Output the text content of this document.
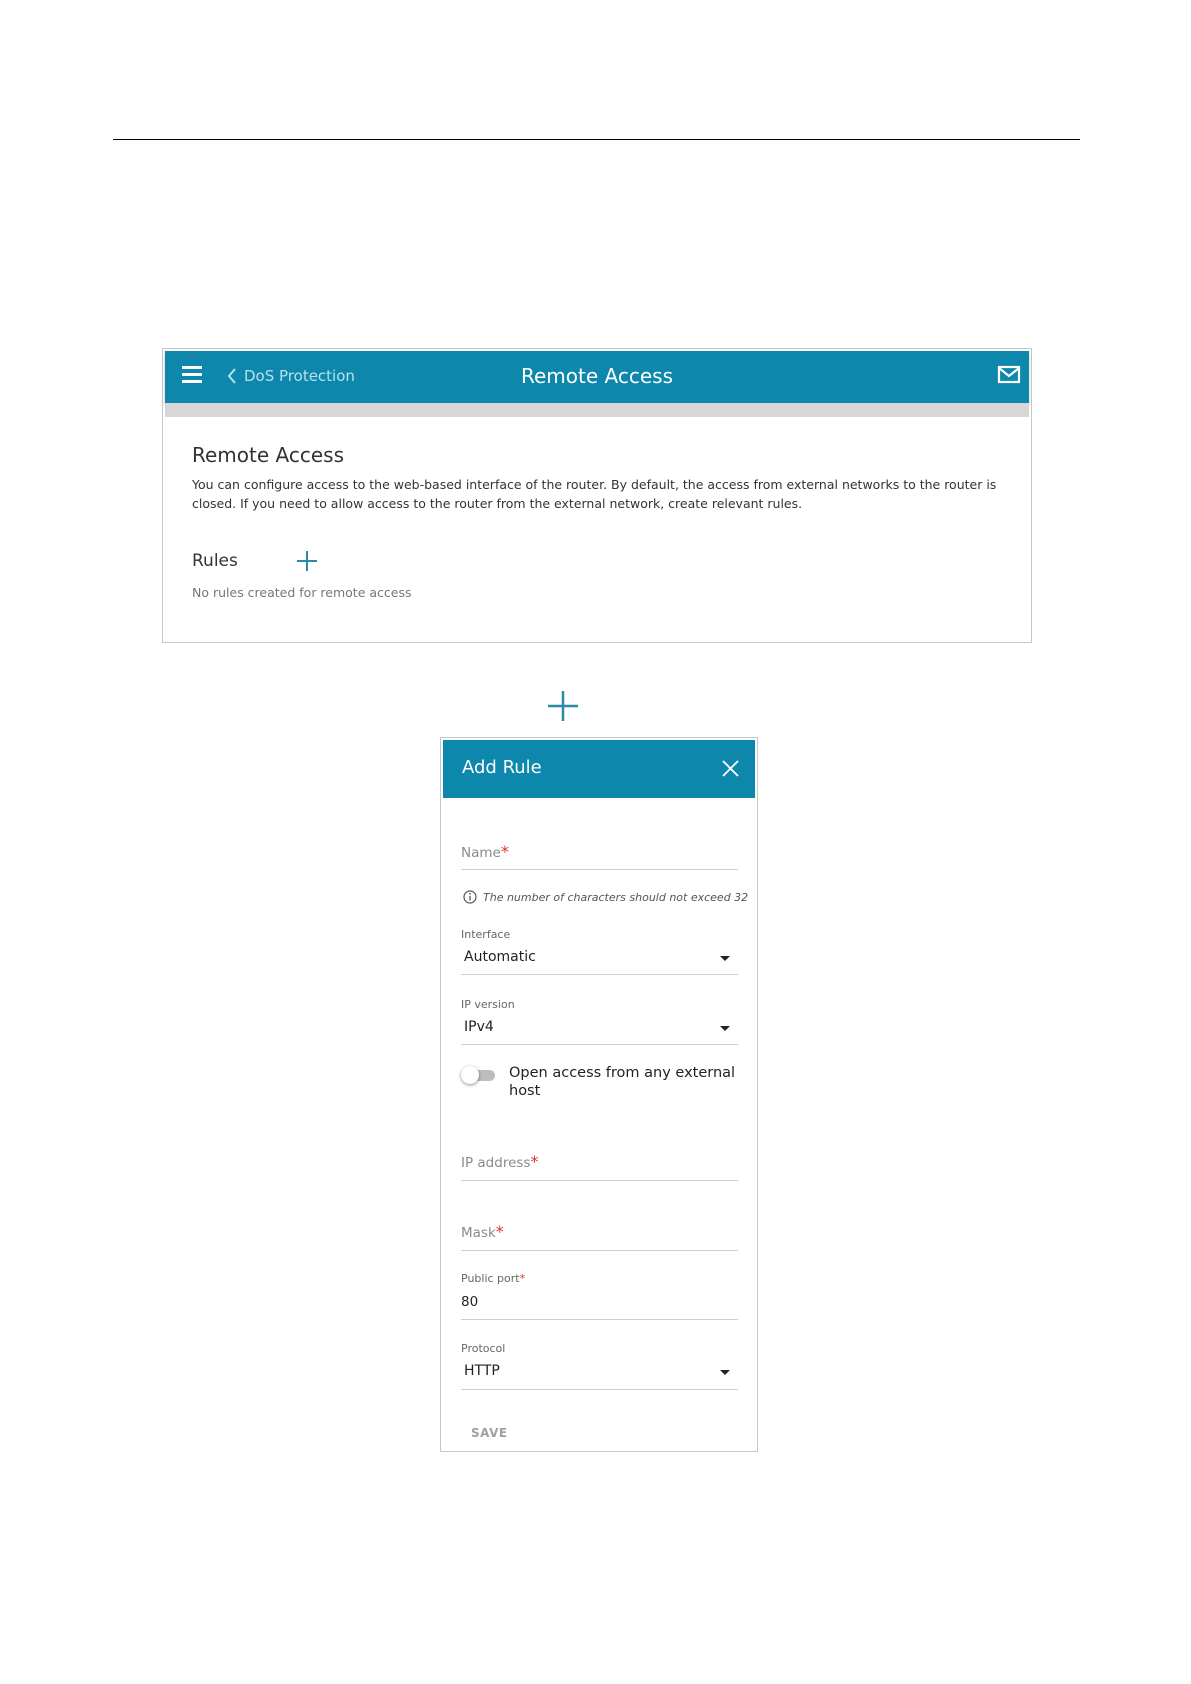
DoS Protection	Remote Access
Remote Access
You can configure access to the web-based interface of the router. By default, the access from external networks to the router is closed. If you need to allow access to the router from the external network, create relevant rules.
Rules
No rules created for remote access
Add Rule
Name*
The number of characters should not exceed 32
Interface
Automatic
IP version
IPv4
Open access from any external host
IP address*
Mask*
Public port*
80
Protocol
HTTP
SAVE
